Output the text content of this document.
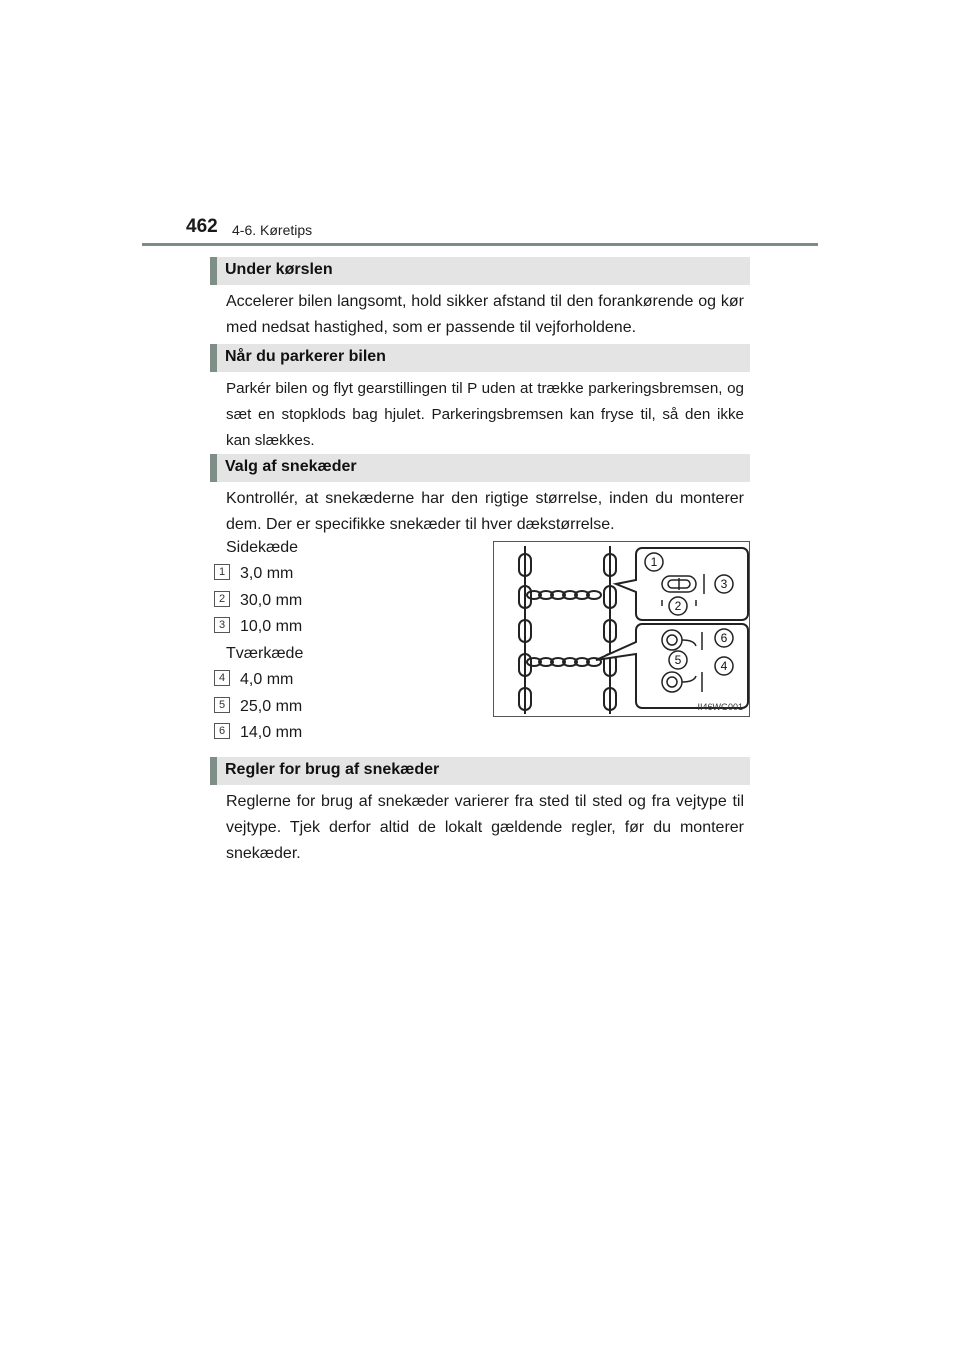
462 4-6. Køretips
Under kørslen

Accelerer bilen langsomt, hold sikker afstand til den forankørende og kør med nedsat hastighed, som er passende til vejforholdene.

Når du parkerer bilen

Parkér bilen og flyt gearstillingen til P uden at trække parkeringsbremsen, og sæt en stopklods bag hjulet. Parkeringsbremsen kan fryse til, så den ikke kan slækkes.

Valg af snekæder

Kontrollér, at snekæderne har den rigtige størrelse, inden du monterer dem. Der er specifikke snekæder til hver dækstørrelse.

Sidekæde
1 3,0 mm
2 30,0 mm
3 10,0 mm
Tværkæde
4 4,0 mm
5 25,0 mm
6 14,0 mm
1
2
3
4
5
6
II46WG001
Regler for brug af snekæder

Reglerne for brug af snekæder varierer fra sted til sted og fra vejtype til vejtype. Tjek derfor altid de lokalt gældende regler, før du monterer snekæder.
